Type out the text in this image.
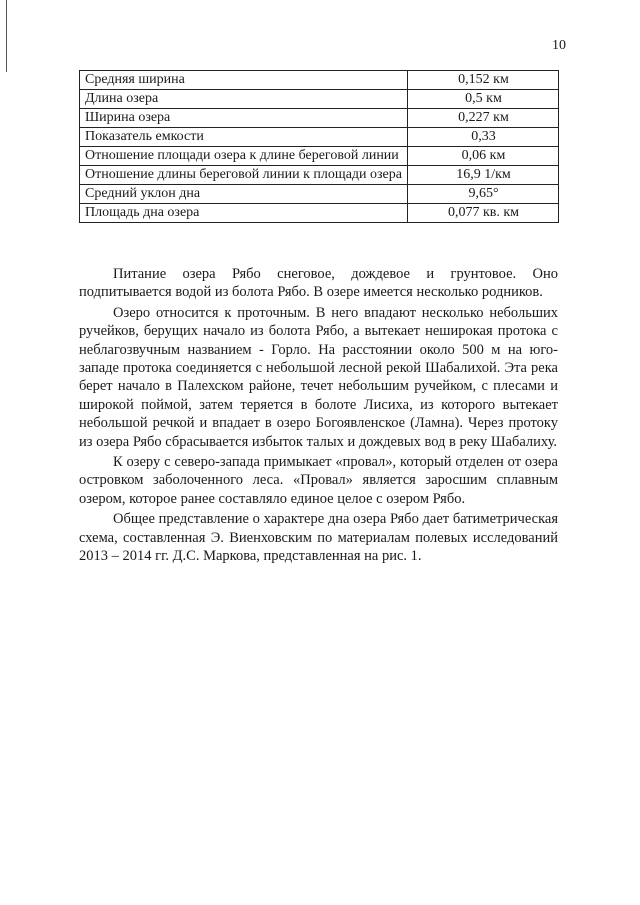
10
Средняя ширина	0,152 км
Длина озера	0,5 км
Ширина озера	0,227 км
Показатель емкости	0,33
Отношение площади озера к длине береговой линии	0,06 км
Отношение длины береговой линии к площади озера	16,9 1/км
Средний уклон дна	9,65°
Площадь дна озера	0,077 кв. км

Питание озера Рябо снеговое, дождевое и грунтовое. Оно подпитывается водой из болота Рябо. В озере имеется несколько родников.

Озеро относится к проточным. В него впадают несколько небольших ручейков, берущих начало из болота Рябо, а вытекает неширокая протока с неблагозвучным названием - Горло. На расстоянии около 500 м на юго-западе протока соединяется с небольшой лесной рекой Шабалихой. Эта река берет начало в Палехском районе, течет небольшим ручейком, с плесами и широкой поймой, затем теряется в болоте Лисиха, из которого вытекает небольшой речкой и впадает в озеро Богоявленское (Ламна). Через протоку из озера Рябо сбрасывается избыток талых и дождевых вод в реку Шабалиху.

К озеру с северо-запада примыкает «провал», который отделен от озера островком заболоченного леса. «Провал» является заросшим сплавным озером, которое ранее составляло единое целое с озером Рябо.

Общее представление о характере дна озера Рябо дает батиметрическая схема, составленная Э. Виенховским по материалам полевых исследований 2013 – 2014 гг. Д.С. Маркова, представленная на рис. 1.
